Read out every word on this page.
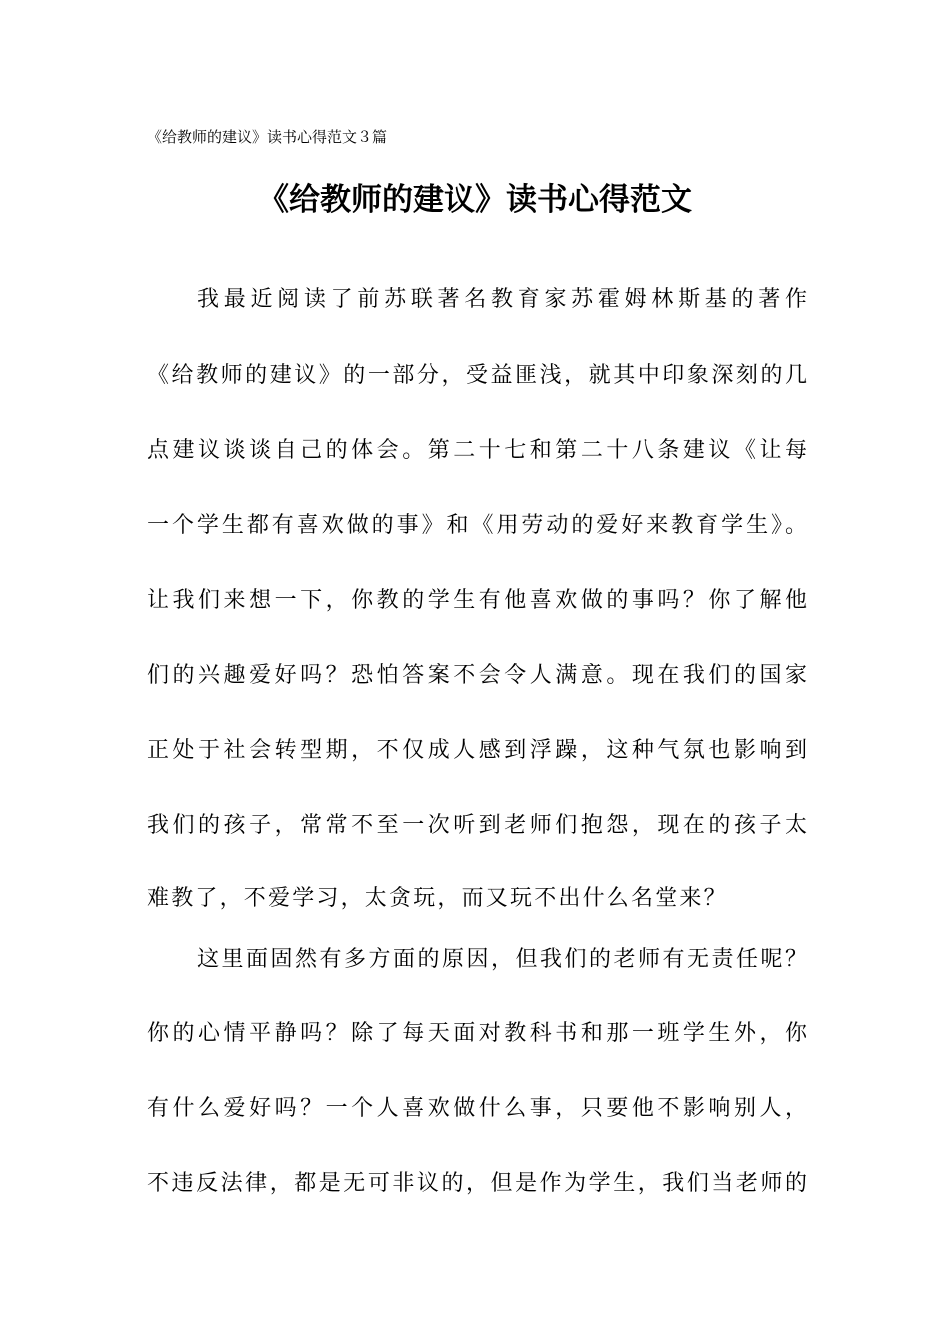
《给教师的建议》读书心得范文３篇
《给教师的建议》读书心得范文
我最近阅读了前苏联著名教育家苏霍姆林斯基的著作
《给教师的建议》的一部分，受益匪浅，就其中印象深刻的几
点建议谈谈自己的体会。第二十七和第二十八条建议《让每
一个学生都有喜欢做的事》和《用劳动的爱好来教育学生》。
让我们来想一下，你教的学生有他喜欢做的事吗？你了解他
们的兴趣爱好吗？恐怕答案不会令人满意。现在我们的国家
正处于社会转型期，不仅成人感到浮躁，这种气氛也影响到
我们的孩子，常常不至一次听到老师们抱怨，现在的孩子太
难教了，不爱学习，太贪玩，而又玩不出什么名堂来？
这里面固然有多方面的原因，但我们的老师有无责任呢？
你的心情平静吗？除了每天面对教科书和那一班学生外，你
有什么爱好吗？一个人喜欢做什么事，只要他不影响别人，
不违反法律，都是无可非议的，但是作为学生，我们当老师的
